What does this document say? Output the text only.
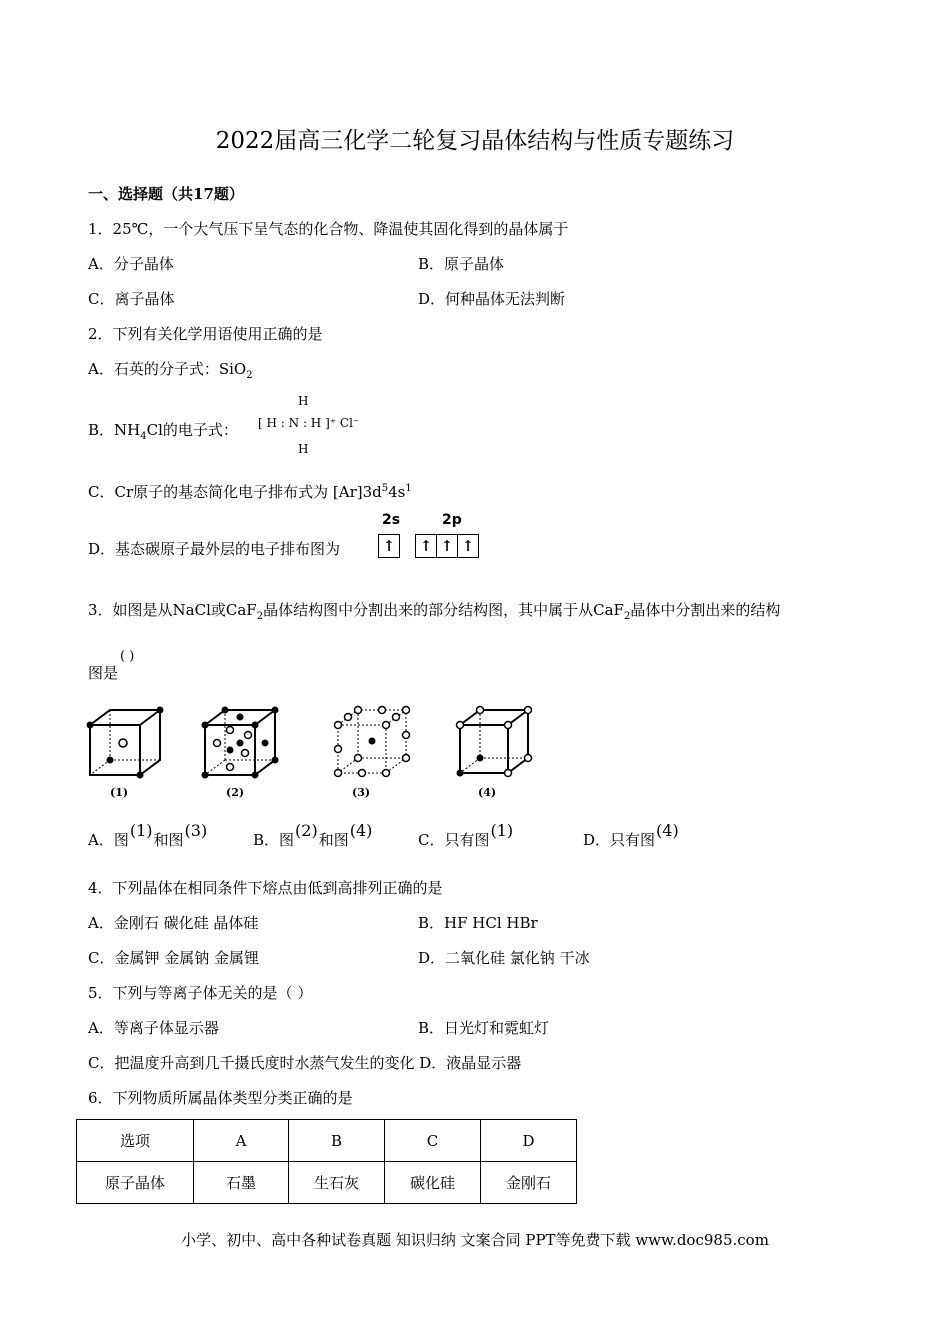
2022届高三化学二轮复习晶体结构与性质专题练习
一、选择题（共17题）
1．25℃，一个大气压下呈气态的化合物、降温使其固化得到的晶体属于
A．分子晶体	B．原子晶体
C．离子晶体	D．何种晶体无法判断
2．下列有关化学用语使用正确的是
A．石英的分子式：SiO$_2$
B．$NH_4Cl$的电子式：
H
[ H : N : H ]⁺ Cl⁻
H
C．Cr原子的基态简化电子排布式为 $[Ar]3d^54s^1$
D．基态碳原子最外层的电子排布图为
2s	2p
↑	↑ ↑ ↑
3．如图是从NaCl或CaF$_2$晶体结构图中分割出来的部分结构图，其中属于从CaF$_2$晶体中分割出来的结构
( )
图是
(1)	(2)	(3)	(4)
A．图(1)和图(3)	B．图(2)和图(4)	C．只有图(1)	D．只有图(4)
4．下列晶体在相同条件下熔点由低到高排列正确的是
A．金刚石 碳化硅 晶体硅	B．HF HCl HBr
C．金属钾 金属钠 金属锂	D．二氧化硅 氯化钠 干冰
5．下列与等离子体无关的是（ ）
A．等离子体显示器	B．日光灯和霓虹灯
C．把温度升高到几千摄氏度时水蒸气发生的变化 D．液晶显示器
6．下列物质所属晶体类型分类正确的是
选项	A	B	C	D
原子晶体	石墨	生石灰	碳化硅	金刚石
小学、初中、高中各种试卷真题 知识归纳 文案合同 PPT等免费下载 www.doc985.com
